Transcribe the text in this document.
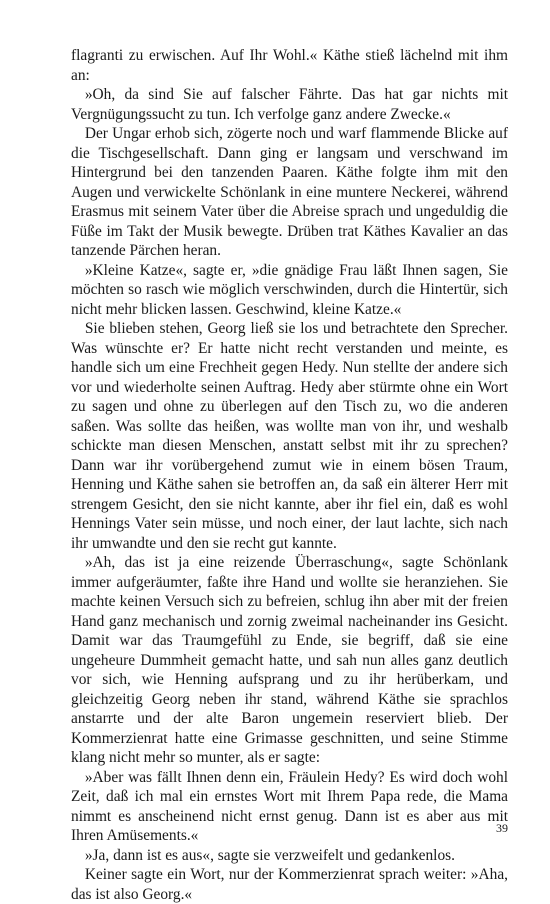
flagranti zu erwischen. Auf Ihr Wohl.« Käthe stieß lächelnd mit ihm an:

»Oh, da sind Sie auf falscher Fährte. Das hat gar nichts mit Vergnügungssucht zu tun. Ich verfolge ganz andere Zwecke.«

Der Ungar erhob sich, zögerte noch und warf flammende Blicke auf die Tischgesellschaft. Dann ging er langsam und verschwand im Hintergrund bei den tanzenden Paaren. Käthe folgte ihm mit den Augen und verwickelte Schönlank in eine muntere Neckerei, während Erasmus mit seinem Vater über die Abreise sprach und ungeduldig die Füße im Takt der Musik bewegte. Drüben trat Käthes Kavalier an das tanzende Pärchen heran.

»Kleine Katze«, sagte er, »die gnädige Frau läßt Ihnen sagen, Sie möchten so rasch wie möglich verschwinden, durch die Hintertür, sich nicht mehr blicken lassen. Geschwind, kleine Katze.«

Sie blieben stehen, Georg ließ sie los und betrachtete den Sprecher. Was wünschte er? Er hatte nicht recht verstanden und meinte, es handle sich um eine Frechheit gegen Hedy. Nun stellte der andere sich vor und wiederholte seinen Auftrag. Hedy aber stürmte ohne ein Wort zu sagen und ohne zu überlegen auf den Tisch zu, wo die anderen saßen. Was sollte das heißen, was wollte man von ihr, und weshalb schickte man diesen Menschen, anstatt selbst mit ihr zu sprechen? Dann war ihr vorübergehend zumut wie in einem bösen Traum, Henning und Käthe sahen sie betroffen an, da saß ein älterer Herr mit strengem Gesicht, den sie nicht kannte, aber ihr fiel ein, daß es wohl Hennings Vater sein müsse, und noch einer, der laut lachte, sich nach ihr umwandte und den sie recht gut kannte.

»Ah, das ist ja eine reizende Überraschung«, sagte Schönlank immer aufgeräumter, faßte ihre Hand und wollte sie heranziehen. Sie machte keinen Versuch sich zu befreien, schlug ihn aber mit der freien Hand ganz mechanisch und zornig zweimal nacheinander ins Gesicht. Damit war das Traumgefühl zu Ende, sie begriff, daß sie eine ungeheure Dummheit gemacht hatte, und sah nun alles ganz deutlich vor sich, wie Henning aufsprang und zu ihr herüberkam, und gleichzeitig Georg neben ihr stand, während Käthe sie sprachlos anstarrte und der alte Baron ungemein reserviert blieb. Der Kommerzienrat hatte eine Grimasse geschnitten, und seine Stimme klang nicht mehr so munter, als er sagte:

»Aber was fällt Ihnen denn ein, Fräulein Hedy? Es wird doch wohl Zeit, daß ich mal ein ernstes Wort mit Ihrem Papa rede, die Mama nimmt es anscheinend nicht ernst genug. Dann ist es aber aus mit Ihren Amüsements.«

»Ja, dann ist es aus«, sagte sie verzweifelt und gedankenlos.

Keiner sagte ein Wort, nur der Kommerzienrat sprach weiter: »Aha, das ist also Georg.«

39
